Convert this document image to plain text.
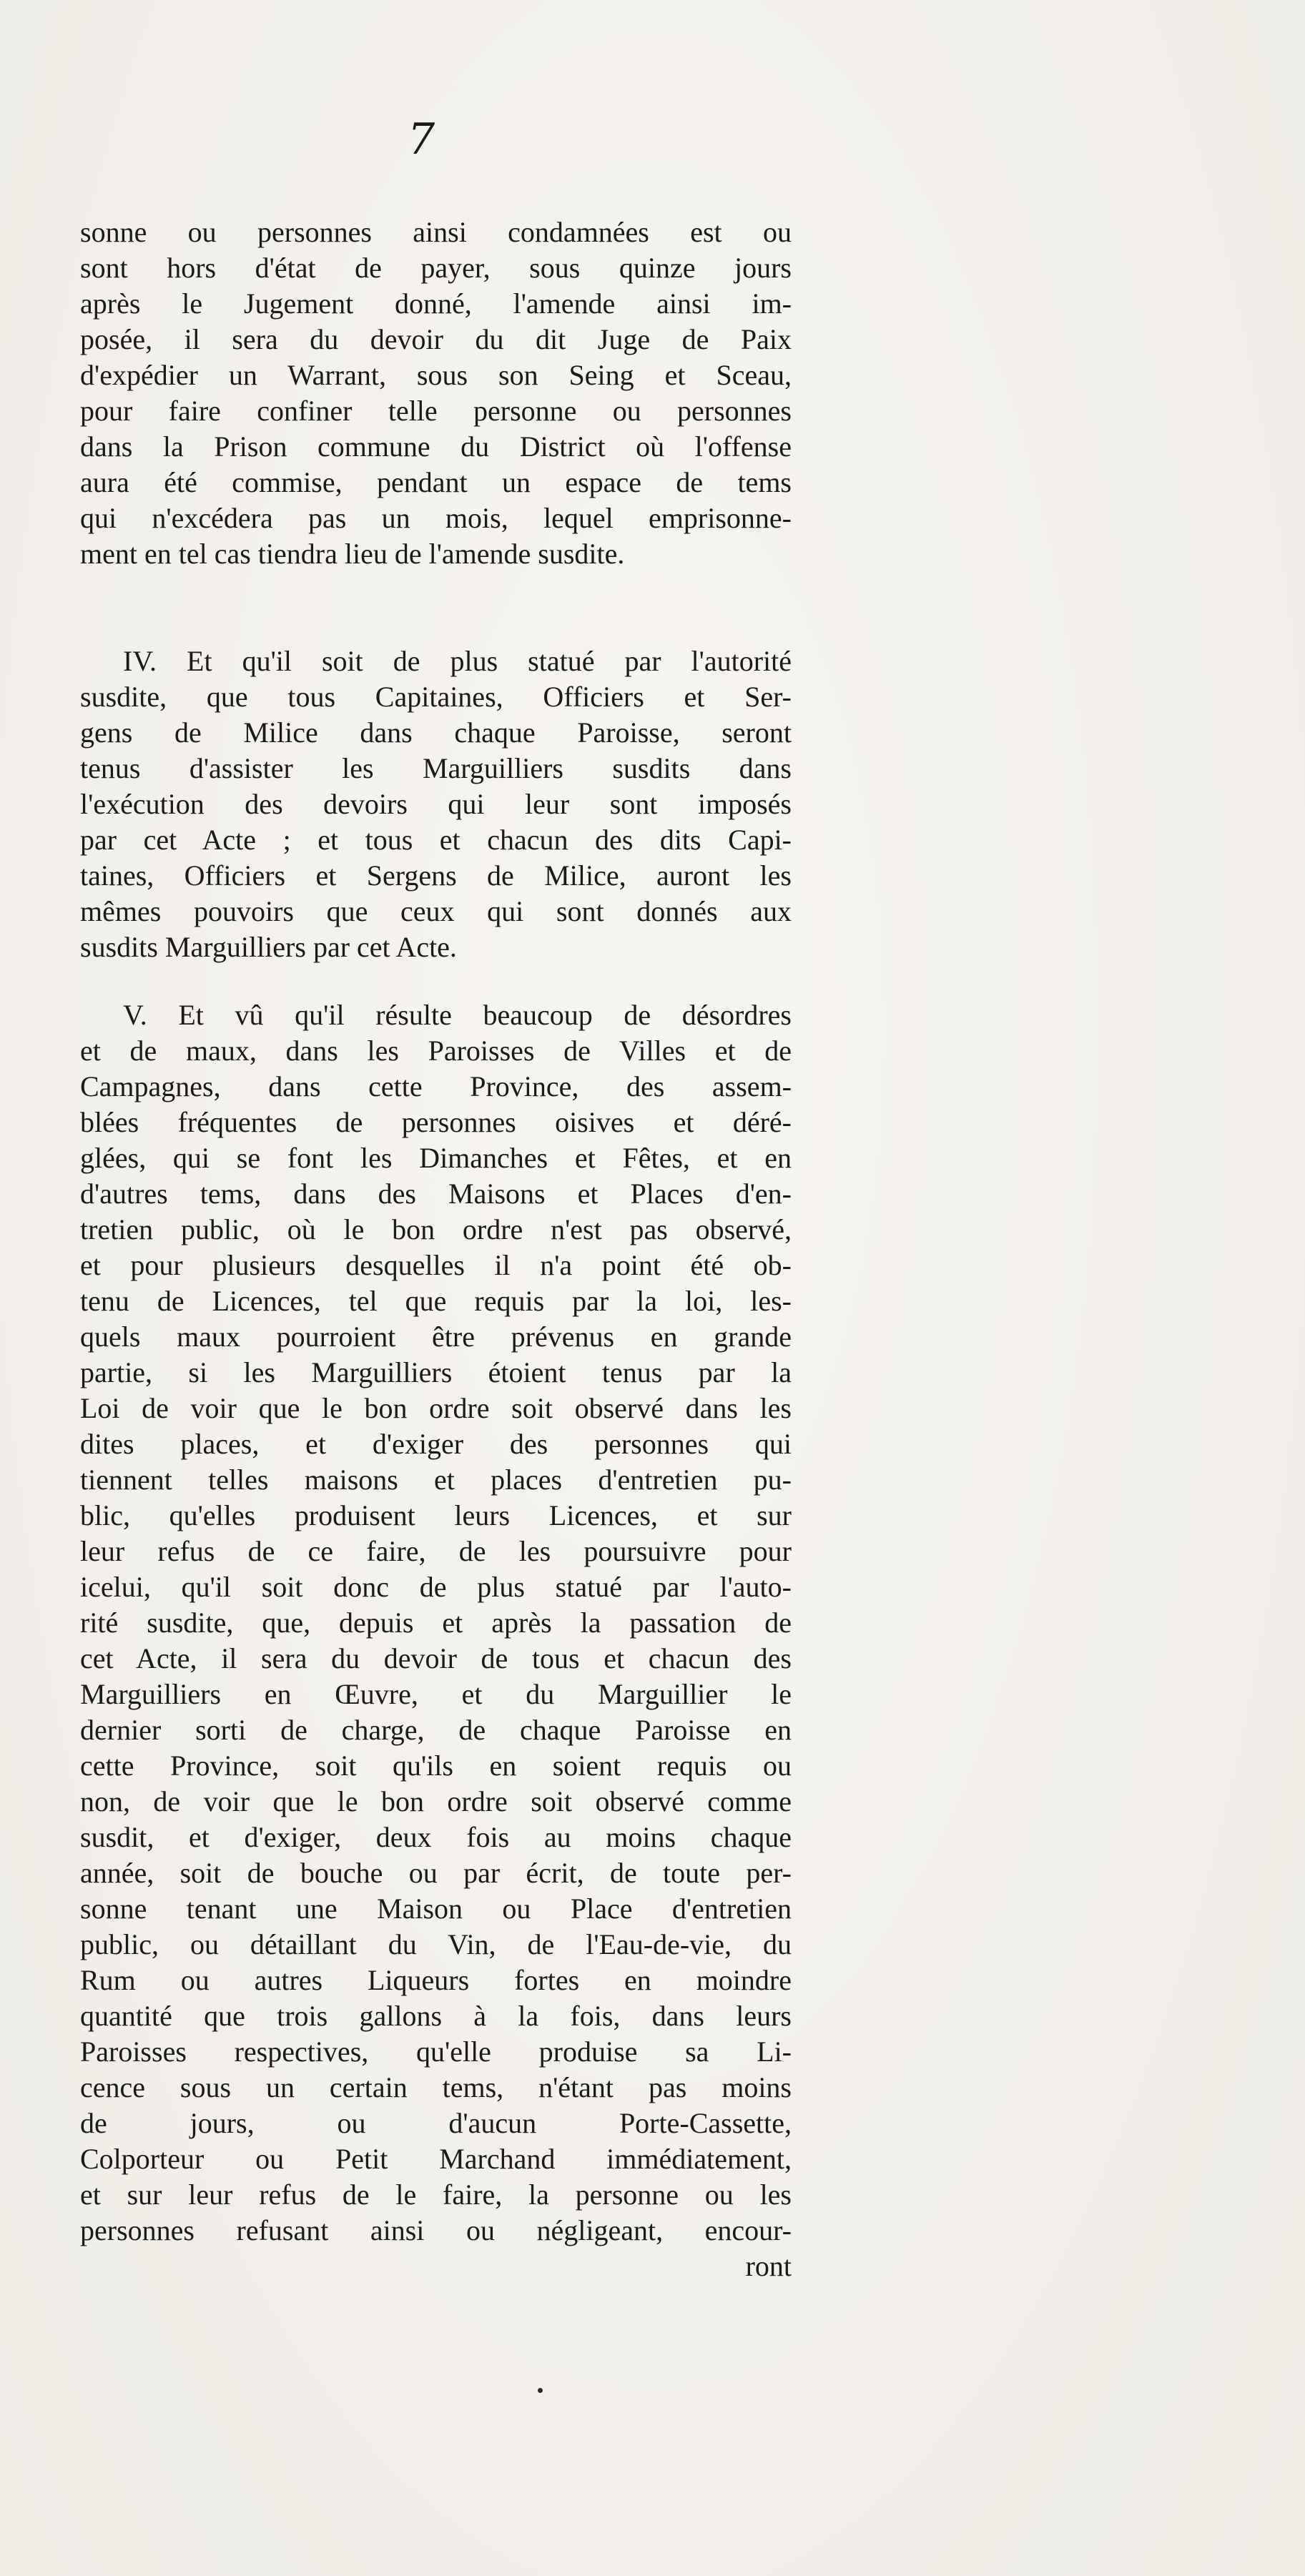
7
sonne ou personnes ainsi condamnées est ou
sont hors d'état de payer, sous quinze jours
après le Jugement donné, l'amende ainsi im-
posée, il sera du devoir du dit Juge de Paix
d'expédier un Warrant, sous son Seing et Sceau,
pour faire confiner telle personne ou personnes
dans la Prison commune du District où l'offense
aura été commise, pendant un espace de tems
qui n'excédera pas un mois, lequel emprisonne-
ment en tel cas tiendra lieu de l'amende susdite.
IV. Et qu'il soit de plus statué par l'autorité
susdite, que tous Capitaines, Officiers et Ser-
gens de Milice dans chaque Paroisse, seront
tenus d'assister les Marguilliers susdits dans
l'exécution des devoirs qui leur sont imposés
par cet Acte ; et tous et chacun des dits Capi-
taines, Officiers et Sergens de Milice, auront les
mêmes pouvoirs que ceux qui sont donnés aux
susdits Marguilliers par cet Acte.
V. Et vû qu'il résulte beaucoup de désordres
et de maux, dans les Paroisses de Villes et de
Campagnes, dans cette Province, des assem-
blées fréquentes de personnes oisives et déré-
glées, qui se font les Dimanches et Fêtes, et en
d'autres tems, dans des Maisons et Places d'en-
tretien public, où le bon ordre n'est pas observé,
et pour plusieurs desquelles il n'a point été ob-
tenu de Licences, tel que requis par la loi, les-
quels maux pourroient être prévenus en grande
partie, si les Marguilliers étoient tenus par la
Loi de voir que le bon ordre soit observé dans les
dites places, et d'exiger des personnes qui
tiennent telles maisons et places d'entretien pu-
blic, qu'elles produisent leurs Licences, et sur
leur refus de ce faire, de les poursuivre pour
icelui, qu'il soit donc de plus statué par l'auto-
rité susdite, que, depuis et après la passation de
cet Acte, il sera du devoir de tous et chacun des
Marguilliers en Œuvre, et du Marguillier le
dernier sorti de charge, de chaque Paroisse en
cette Province, soit qu'ils en soient requis ou
non, de voir que le bon ordre soit observé comme
susdit, et d'exiger, deux fois au moins chaque
année, soit de bouche ou par écrit, de toute per-
sonne tenant une Maison ou Place d'entretien
public, ou détaillant du Vin, de l'Eau-de-vie, du
Rum ou autres Liqueurs fortes en moindre
quantité que trois gallons à la fois, dans leurs
Paroisses respectives, qu'elle produise sa Li-
cence sous un certain tems, n'étant pas moins
de jours, ou d'aucun Porte-Cassette,
Colporteur ou Petit Marchand immédiatement,
et sur leur refus de le faire, la personne ou les
personnes refusant ainsi ou négligeant, encour-
ront
